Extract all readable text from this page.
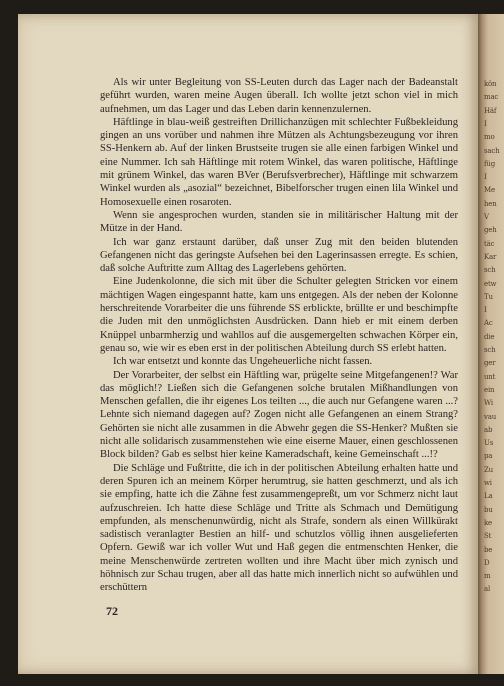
Als wir unter Begleitung von SS-Leuten durch das Lager nach der Badeanstalt geführt wurden, waren meine Augen überall. Ich wollte jetzt schon viel in mich aufnehmen, um das Lager und das Leben darin kennenzulernen.

Häftlinge in blau-weiß gestreiften Drillichanzügen mit schlechter Fußbekleidung gingen an uns vorüber und nahmen ihre Mützen als Achtungsbezeugung vor ihren SS-Henkern ab. Auf der linken Brustseite trugen sie alle einen farbigen Winkel und eine Nummer. Ich sah Häftlinge mit rotem Winkel, das waren politische, Häftlinge mit grünem Winkel, das waren BVer (Berufsverbrecher), Häftlinge mit schwarzem Winkel wurden als „asozial“ bezeichnet, Bibelforscher trugen einen lila Winkel und Homosexuelle einen rosaroten.

Wenn sie angesprochen wurden, standen sie in militärischer Haltung mit der Mütze in der Hand.

Ich war ganz erstaunt darüber, daß unser Zug mit den beiden blutenden Gefangenen nicht das geringste Aufsehen bei den Lagerinsassen erregte. Es schien, daß solche Auftritte zum Alltag des Lagerlebens gehörten.

Eine Judenkolonne, die sich mit über die Schulter gelegten Stricken vor einem mächtigen Wagen eingespannt hatte, kam uns entgegen. Als der neben der Kolonne herschreitende Vorarbeiter die uns führende SS erblickte, brüllte er und beschimpfte die Juden mit den unmöglichsten Ausdrücken. Dann hieb er mit einem derben Knüppel unbarmherzig und wahllos auf die ausgemergelten schwachen Körper ein, genau so, wie wir es eben erst in der politischen Abteilung durch SS erlebt hatten.

Ich war entsetzt und konnte das Ungeheuerliche nicht fassen.

Der Vorarbeiter, der selbst ein Häftling war, prügelte seine Mitgefangenen!? War das möglich!? Ließen sich die Gefangenen solche brutalen Mißhandlungen von Menschen gefallen, die ihr eigenes Los teilten ..., die auch nur Gefangene waren ...? Lehnte sich niemand dagegen auf? Zogen nicht alle Gefangenen an einem Strang? Gehörten sie nicht alle zusammen in die Abwehr gegen die SS-Henker? Mußten sie nicht alle solidarisch zusammenstehen wie eine eiserne Mauer, einen geschlossenen Block bilden? Gab es selbst hier keine Kameradschaft, keine Gemeinschaft ...!?

Die Schläge und Fußtritte, die ich in der politischen Abteilung erhalten hatte und deren Spuren ich an meinem Körper herumtrug, sie hatten geschmerzt, und als ich sie empfing, hatte ich die Zähne fest zusammengepreßt, um vor Schmerz nicht laut aufzuschreien. Ich hatte diese Schläge und Tritte als Schmach und Demütigung empfunden, als menschenunwürdig, nicht als Strafe, sondern als einen Willkürakt sadistisch veranlagter Bestien an hilf- und schutzlos völlig ihnen ausgelieferten Opfern. Gewiß war ich voller Wut und Haß gegen die entmenschten Henker, die meine Menschenwürde zertreten wollten und ihre Macht über mich zynisch und höhnisch zur Schau trugen, aber all das hatte mich innerlich nicht so aufwühlen und erschüttern

72
kön
mac
Häf
I
mo
sach
füg
I
Me
hen
V
geh
täc
Kar
sch
etw
Tu
I
Ac
die
sch
ger
unt
ein
Wi
vau
ab
Us
pa
Zu
wi
La
bu
ke
St
be
D
m
al
